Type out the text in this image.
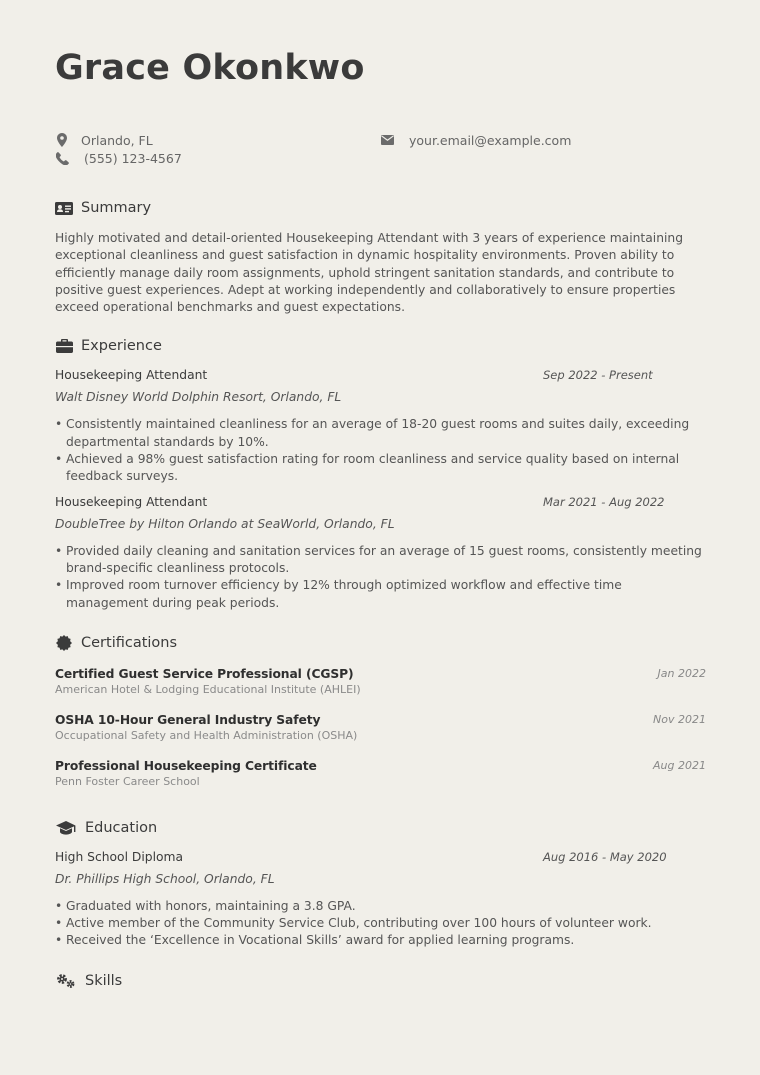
Grace Okonkwo
Orlando, FL
(555) 123-4567
your.email@example.com
Summary

Highly motivated and detail-oriented Housekeeping Attendant with 3 years of experience maintaining exceptional cleanliness and guest satisfaction in dynamic hospitality environments. Proven ability to efficiently manage daily room assignments, uphold stringent sanitation standards, and contribute to positive guest experiences. Adept at working independently and collaboratively to ensure properties exceed operational benchmarks and guest expectations.

Experience
Housekeeping Attendant	Sep 2022 - Present
Walt Disney World Dolphin Resort, Orlando, FL
• Consistently maintained cleanliness for an average of 18-20 guest rooms and suites daily, exceeding departmental standards by 10%.
• Achieved a 98% guest satisfaction rating for room cleanliness and service quality based on internal feedback surveys.
Housekeeping Attendant	Mar 2021 - Aug 2022
DoubleTree by Hilton Orlando at SeaWorld, Orlando, FL
• Provided daily cleaning and sanitation services for an average of 15 guest rooms, consistently meeting brand-specific cleanliness protocols.
• Improved room turnover efficiency by 12% through optimized workflow and effective time management during peak periods.
Certifications
Certified Guest Service Professional (CGSP)
American Hotel & Lodging Educational Institute (AHLEI)
Jan 2022
OSHA 10-Hour General Industry Safety
Occupational Safety and Health Administration (OSHA)
Nov 2021
Professional Housekeeping Certificate
Penn Foster Career School
Aug 2021
Education
High School Diploma	Aug 2016 - May 2020
Dr. Phillips High School, Orlando, FL
• Graduated with honors, maintaining a 3.8 GPA.
• Active member of the Community Service Club, contributing over 100 hours of volunteer work.
• Received the ‘Excellence in Vocational Skills’ award for applied learning programs.
Skills
